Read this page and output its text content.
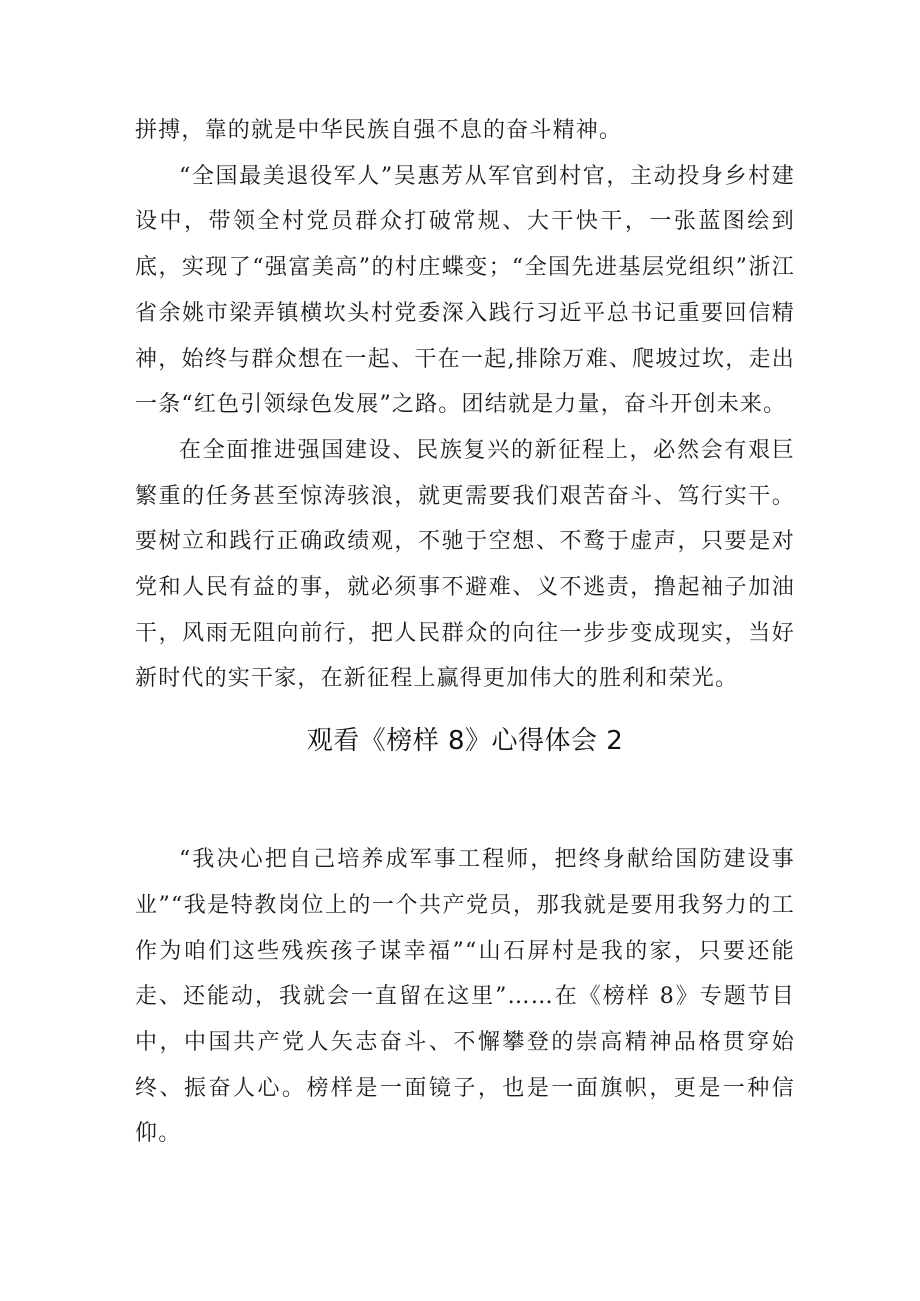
拼搏，靠的就是中华民族自强不息的奋斗精神。

“全国最美退役军人”吴惠芳从军官到村官，主动投身乡村建设中，带领全村党员群众打破常规、大干快干，一张蓝图绘到底，实现了“强富美高”的村庄蝶变；“全国先进基层党组织”浙江省余姚市梁弄镇横坎头村党委深入践行习近平总书记重要回信精神，始终与群众想在一起、干在一起,排除万难、爬坡过坎，走出一条“红色引领绿色发展”之路。团结就是力量，奋斗开创未来。

在全面推进强国建设、民族复兴的新征程上，必然会有艰巨繁重的任务甚至惊涛骇浪，就更需要我们艰苦奋斗、笃行实干。要树立和践行正确政绩观，不驰于空想、不鹜于虚声，只要是对党和人民有益的事，就必须事不避难、义不逃责，撸起袖子加油干，风雨无阻向前行，把人民群众的向往一步步变成现实，当好新时代的实干家，在新征程上赢得更加伟大的胜利和荣光。

观看《榜样 8》心得体会 2

“我决心把自己培养成军事工程师，把终身献给国防建设事业”“我是特教岗位上的一个共产党员，那我就是要用我努力的工作为咱们这些残疾孩子谋幸福”“山石屏村是我的家，只要还能走、还能动，我就会一直留在这里”……在《榜样 8》专题节目中，中国共产党人矢志奋斗、不懈攀登的崇高精神品格贯穿始终、振奋人心。榜样是一面镜子，也是一面旗帜，更是一种信仰。
